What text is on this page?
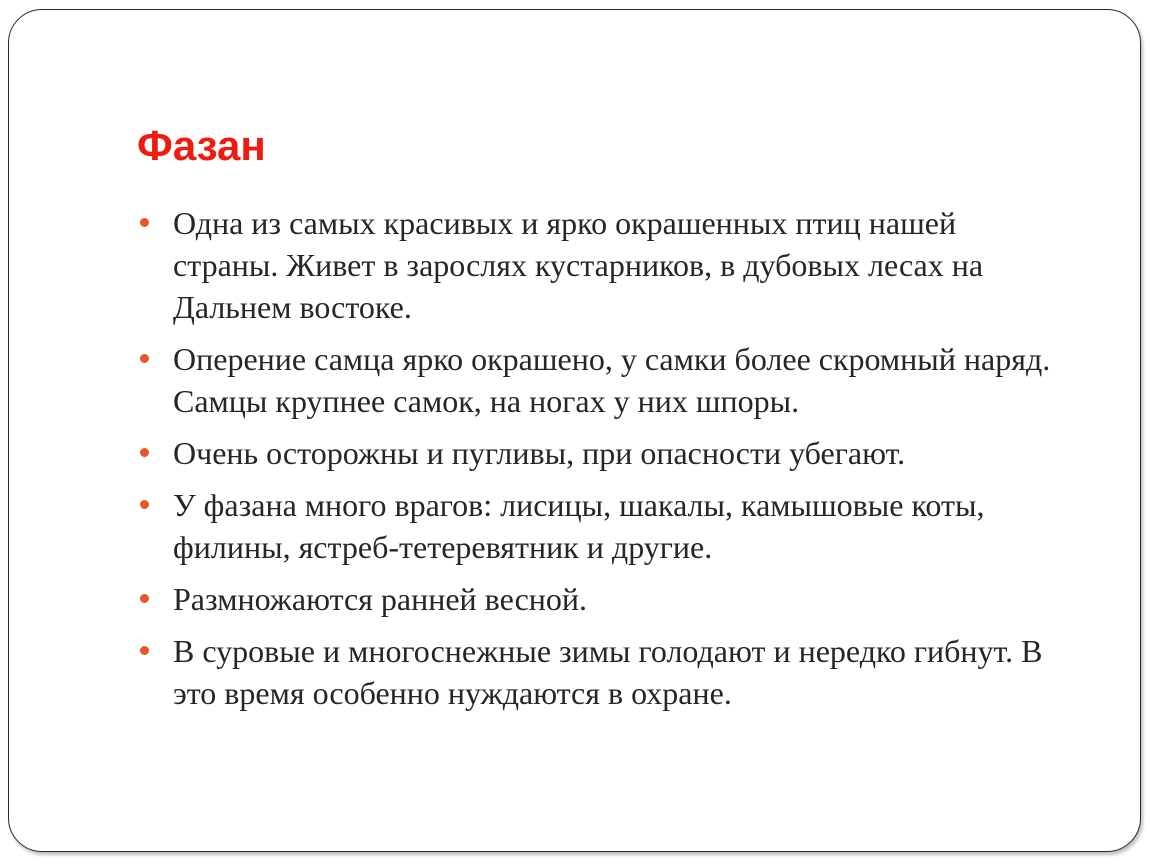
Фазан
Одна из самых красивых и ярко окрашенных птиц нашей страны. Живет в зарослях кустарников, в дубовых лесах на Дальнем востоке.
Оперение самца ярко окрашено, у самки более скромный наряд. Самцы крупнее самок, на ногах у них шпоры.
Очень осторожны и пугливы, при опасности убегают.
У фазана много врагов: лисицы, шакалы, камышовые коты, филины, ястреб-тетеревятник и другие.
Размножаются ранней весной.
В суровые и многоснежные зимы голодают и нередко гибнут. В это время особенно нуждаются в охране.
